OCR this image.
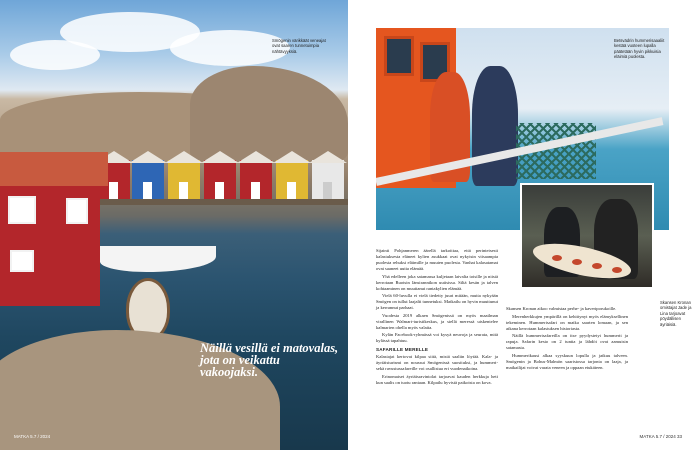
Smögenin värikkäät veneajat ovat saaren tunnetuimpia nähtävyyksiä.
Näillä vesillä ei matovalas, jota on veikattu vakoojaksi.
MATKA 5.7 / 2024
Betsvädrin hummerisaaaliit kestää vuoteen lupalla päätetään hyvin pikkuisia eläimiä puolesta.
Skansen Kronan omistajat Jade ja Lina tarjoavat pöydällisen äyriäisiä.

Sijainti Pohjanmeren äärellä tarkoittaa, että perinteisesti kalastuksesta eläneet kylien asukkaat ovat nykyisin viisaampia puolesta rehuksi eläimille ja muuten puolesta. Vanhat kalasatamat ovat saaneet uutta elämää.

Yhä edelleen joka satamassa kuljetaan laivalta toisille ja niistä kerrotaan Ruotsin länsirannikon uutisissa. Siltä kesän ja talven kohtaaminen on muuttanut rantakylien elämää.

Vielä 60-luvulla ei vielä tiedetty juuri mitään, mutta nykyään Smögen on tullut laajalti tunnetuksi. Matkailu on hyvin muuttunut ja kerrannut parhaat.

Vuodesta 2019 alkaen Smögenissä on myös maailman virallinen Walmart-turistikeskus, ja siellä meressä uiskentelee kalmarien ohella myös valaita.

Kylän Facebook-ryhmässä voi kysyä neuvoja ja seurata, mitä kylässä tapahtuu.

SAFARILLE MERELLE

Kalastajat kertovat kilpaa siitä, mistä saaliin löytää. Kala- ja äyriäisturismi on noussut Smögenissä suosituksi, ja hummeri- sekä ravustussafareille voi osallistua eri vuodenaikoina.

Erinomaiset äyriäisravintolat tarjoavat kauden herkkuja heti kun saalis on tuotu rantaan. Kilpailu hyvistä paikoista on kova.

Skansen Kronan aikoo valmistaa perhe- ja kaveriporukoille.

Merenherkkujen ympärillä on kehittynyt myös elämyksellinen tekeminen. Hummerisafari on matka saarten lomaan, ja sen aikana kerrotaan kalastuksen historiasta.

Näillä hummerisafareilla on itse pyydystetyt hummerit ja rapuja. Safarin kesto on 2 tuntia ja lähdöt ovat aamuisin satamasta.

Hummerikausi alkaa syyskuun lopulla ja jatkuu talveen. Smögenin ja Bohus-Malmön saaristossa tarjonta on laaja, ja matkailijat voivat varata veneen ja oppaan etukäteen.

MATKA 5.7 / 2024 33
